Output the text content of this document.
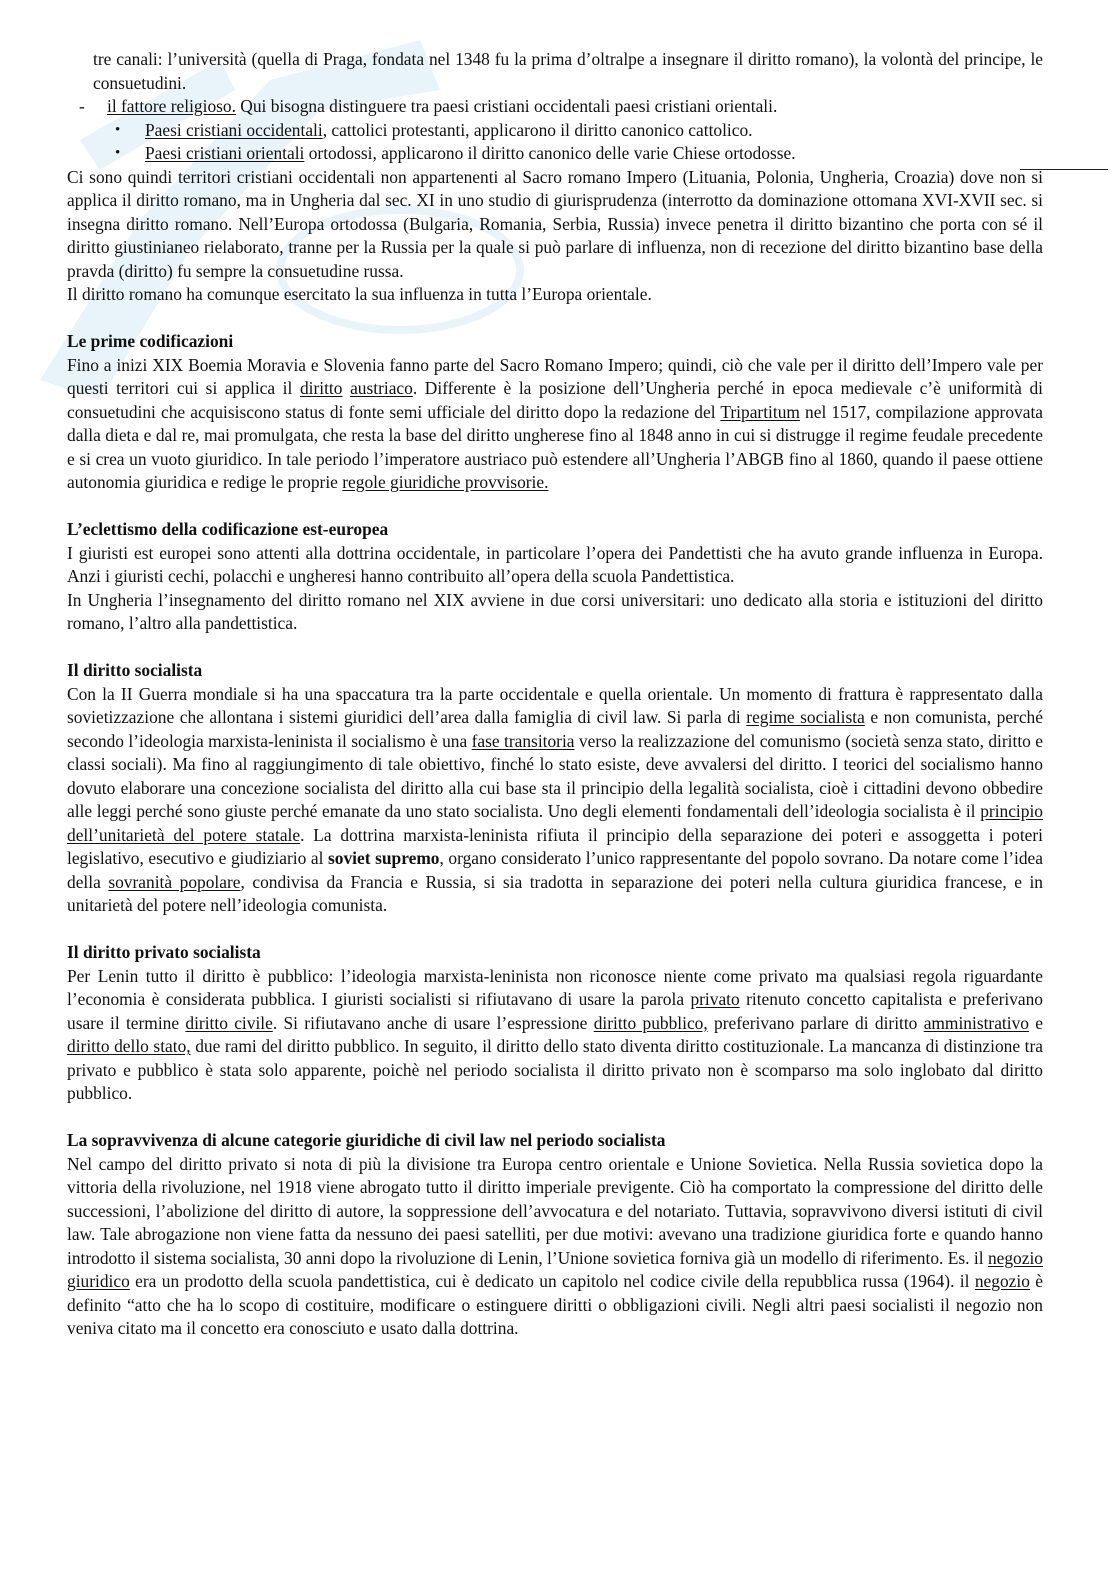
tre canali: l’università (quella di Praga, fondata nel 1348 fu la prima d’oltralpe a insegnare il diritto romano), la volontà del principe, le consuetudini.

- il fattore religioso. Qui bisogna distinguere tra paesi cristiani occidentali paesi cristiani orientali.

• Paesi cristiani occidentali, cattolici protestanti, applicarono il diritto canonico cattolico.

• Paesi cristiani orientali ortodossi, applicarono il diritto canonico delle varie Chiese ortodosse.

Ci sono quindi territori cristiani occidentali non appartenenti al Sacro romano Impero (Lituania, Polonia, Ungheria, Croazia) dove non si applica il diritto romano, ma in Ungheria dal sec. XI in uno studio di giurisprudenza (interrotto da dominazione ottomana XVI-XVII sec. si insegna diritto romano. Nell’Europa ortodossa (Bulgaria, Romania, Serbia, Russia) invece penetra il diritto bizantino che porta con sé il diritto giustinianeo rielaborato, tranne per la Russia per la quale si può parlare di influenza, non di recezione del diritto bizantino base della pravda (diritto) fu sempre la consuetudine russa.

Il diritto romano ha comunque esercitato la sua influenza in tutta l’Europa orientale.

Le prime codificazioni

Fino a inizi XIX Boemia Moravia e Slovenia fanno parte del Sacro Romano Impero; quindi, ciò che vale per il diritto dell’Impero vale per questi territori cui si applica il diritto austriaco. Differente è la posizione dell’Ungheria perché in epoca medievale c’è uniformità di consuetudini che acquisiscono status di fonte semi ufficiale del diritto dopo la redazione del Tripartitum nel 1517, compilazione approvata dalla dieta e dal re, mai promulgata, che resta la base del diritto ungherese fino al 1848 anno in cui si distrugge il regime feudale precedente e si crea un vuoto giuridico. In tale periodo l’imperatore austriaco può estendere all’Ungheria l’ABGB fino al 1860, quando il paese ottiene autonomia giuridica e redige le proprie regole giuridiche provvisorie.

L’eclettismo della codificazione est-europea

I giuristi est europei sono attenti alla dottrina occidentale, in particolare l’opera dei Pandettisti che ha avuto grande influenza in Europa. Anzi i giuristi cechi, polacchi e ungheresi hanno contribuito all’opera della scuola Pandettistica.

In Ungheria l’insegnamento del diritto romano nel XIX avviene in due corsi universitari: uno dedicato alla storia e istituzioni del diritto romano, l’altro alla pandettistica.

Il diritto socialista

Con la II Guerra mondiale si ha una spaccatura tra la parte occidentale e quella orientale. Un momento di frattura è rappresentato dalla sovietizzazione che allontana i sistemi giuridici dell’area dalla famiglia di civil law. Si parla di regime socialista e non comunista, perché secondo l’ideologia marxista-leninista il socialismo è una fase transitoria verso la realizzazione del comunismo (società senza stato, diritto e classi sociali). Ma fino al raggiungimento di tale obiettivo, finché lo stato esiste, deve avvalersi del diritto. I teorici del socialismo hanno dovuto elaborare una concezione socialista del diritto alla cui base sta il principio della legalità socialista, cioè i cittadini devono obbedire alle leggi perché sono giuste perché emanate da uno stato socialista. Uno degli elementi fondamentali dell’ideologia socialista è il principio dell’unitarietà del potere statale. La dottrina marxista-leninista rifiuta il principio della separazione dei poteri e assoggetta i poteri legislativo, esecutivo e giudiziario al soviet supremo, organo considerato l’unico rappresentante del popolo sovrano. Da notare come l’idea della sovranità popolare, condivisa da Francia e Russia, si sia tradotta in separazione dei poteri nella cultura giuridica francese, e in unitarietà del potere nell’ideologia comunista.

Il diritto privato socialista

Per Lenin tutto il diritto è pubblico: l’ideologia marxista-leninista non riconosce niente come privato ma qualsiasi regola riguardante l’economia è considerata pubblica. I giuristi socialisti si rifiutavano di usare la parola privato ritenuto concetto capitalista e preferivano usare il termine diritto civile. Si rifiutavano anche di usare l’espressione diritto pubblico, preferivano parlare di diritto amministrativo e diritto dello stato, due rami del diritto pubblico. In seguito, il diritto dello stato diventa diritto costituzionale. La mancanza di distinzione tra privato e pubblico è stata solo apparente, poichè nel periodo socialista il diritto privato non è scomparso ma solo inglobato dal diritto pubblico.

La sopravvivenza di alcune categorie giuridiche di civil law nel periodo socialista

Nel campo del diritto privato si nota di più la divisione tra Europa centro orientale e Unione Sovietica. Nella Russia sovietica dopo la vittoria della rivoluzione, nel 1918 viene abrogato tutto il diritto imperiale previgente. Ciò ha comportato la compressione del diritto delle successioni, l’abolizione del diritto di autore, la soppressione dell’avvocatura e del notariato. Tuttavia, sopravvivono diversi istituti di civil law. Tale abrogazione non viene fatta da nessuno dei paesi satelliti, per due motivi: avevano una tradizione giuridica forte e quando hanno introdotto il sistema socialista, 30 anni dopo la rivoluzione di Lenin, l’Unione sovietica forniva già un modello di riferimento. Es. il negozio giuridico era un prodotto della scuola pandettistica, cui è dedicato un capitolo nel codice civile della repubblica russa (1964). il negozio è definito “atto che ha lo scopo di costituire, modificare o estinguere diritti o obbligazioni civili. Negli altri paesi socialisti il negozio non veniva citato ma il concetto era conosciuto e usato dalla dottrina.
